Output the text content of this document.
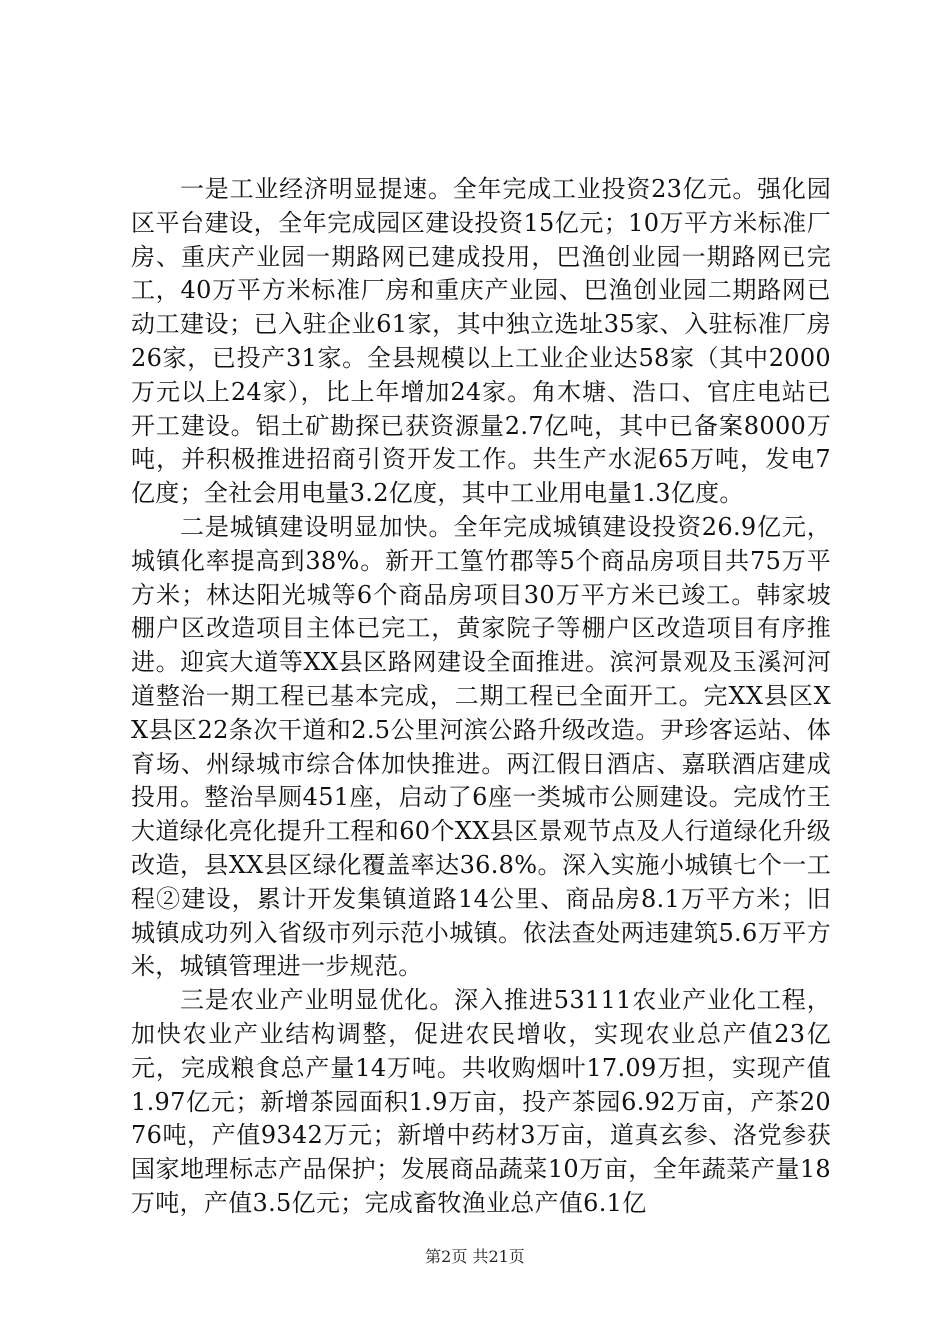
一是工业经济明显提速。全年完成工业投资23亿元。强化园区平台建设，全年完成园区建设投资15亿元；10万平方米标准厂房、重庆产业园一期路网已建成投用，巴渔创业园一期路网已完工，40万平方米标准厂房和重庆产业园、巴渔创业园二期路网已动工建设；已入驻企业61家，其中独立选址35家、入驻标准厂房26家，已投产31家。全县规模以上工业企业达58家（其中2000万元以上24家），比上年增加24家。角木塘、浩口、官庄电站已开工建设。铝土矿勘探已获资源量2.7亿吨，其中已备案8000万吨，并积极推进招商引资开发工作。共生产水泥65万吨，发电7亿度；全社会用电量3.2亿度，其中工业用电量1.3亿度。

二是城镇建设明显加快。全年完成城镇建设投资26.9亿元，城镇化率提高到38%。新开工篁竹郡等5个商品房项目共75万平方米；林达阳光城等6个商品房项目30万平方米已竣工。韩家坡棚户区改造项目主体已完工，黄家院子等棚户区改造项目有序推进。迎宾大道等XX县区路网建设全面推进。滨河景观及玉溪河河道整治一期工程已基本完成，二期工程已全面开工。完XX县区XX县区22条次干道和2.5公里河滨公路升级改造。尹珍客运站、体育场、州绿城市综合体加快推进。两江假日酒店、嘉联酒店建成投用。整治旱厕451座，启动了6座一类城市公厕建设。完成竹王大道绿化亮化提升工程和60个XX县区景观节点及人行道绿化升级改造，县XX县区绿化覆盖率达36.8%。深入实施小城镇七个一工程②建设，累计开发集镇道路14公里、商品房8.1万平方米；旧城镇成功列入省级市列示范小城镇。依法查处两违建筑5.6万平方米，城镇管理进一步规范。

三是农业产业明显优化。深入推进53111农业产业化工程，加快农业产业结构调整，促进农民增收，实现农业总产值23亿元，完成粮食总产量14万吨。共收购烟叶17.09万担，实现产值1.97亿元；新增茶园面积1.9万亩，投产茶园6.92万亩，产茶2076吨，产值9342万元；新增中药材3万亩，道真玄参、洛党参获国家地理标志产品保护；发展商品蔬菜10万亩，全年蔬菜产量18万吨，产值3.5亿元；完成畜牧渔业总产值6.1亿

第2页 共21页
